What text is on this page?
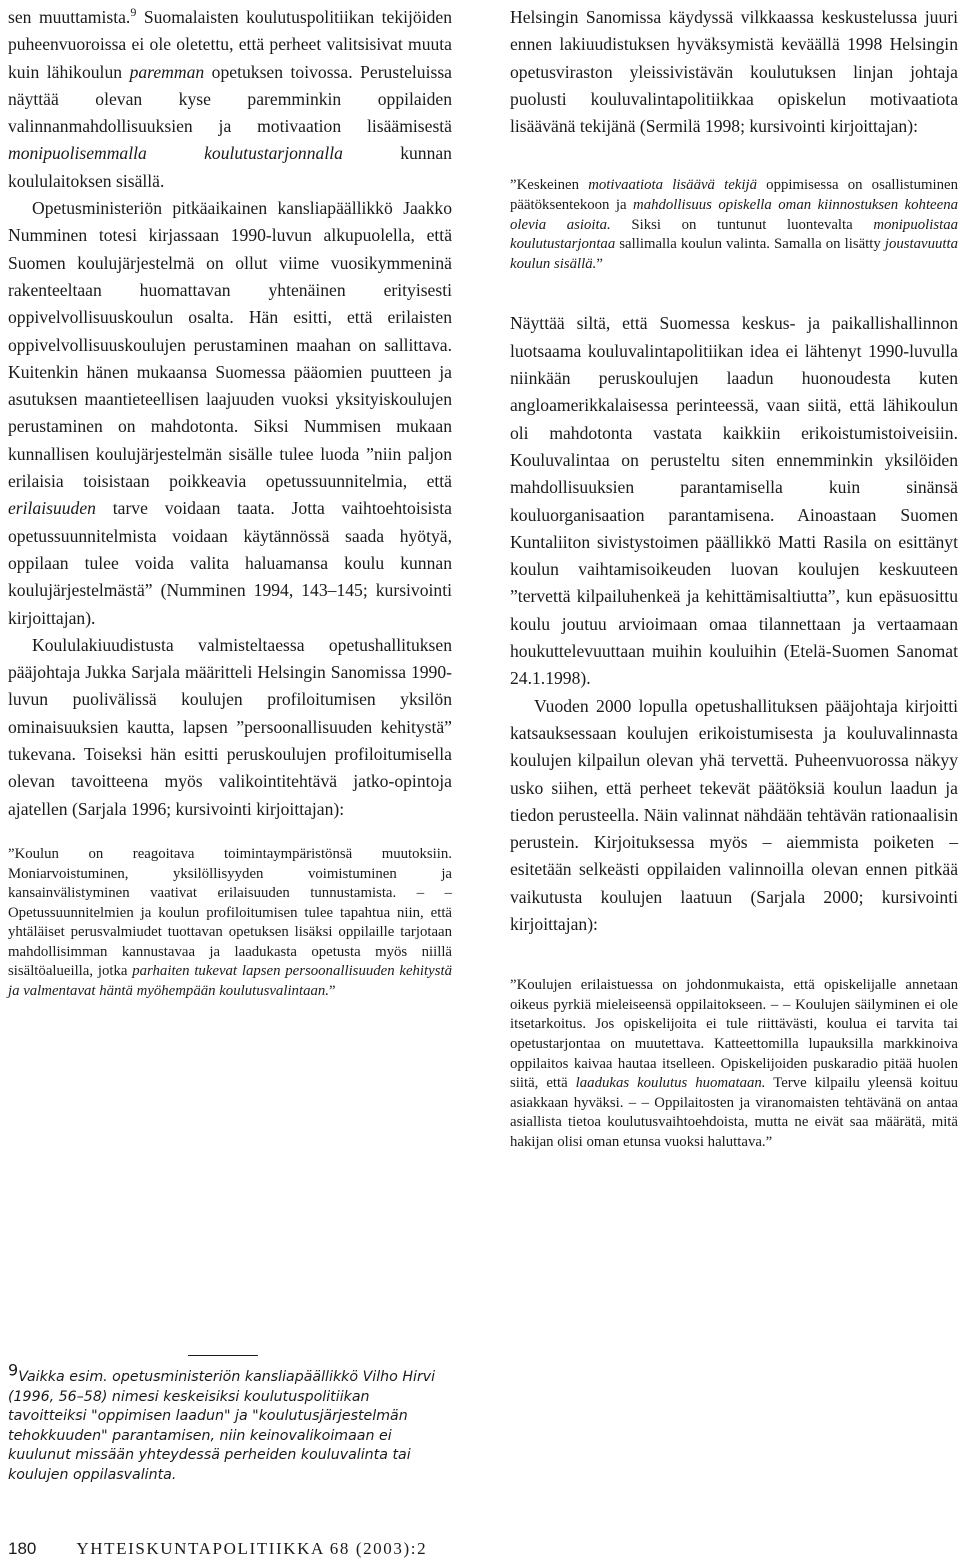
sen muuttamista.$^9$ Suomalaisten koulutuspolitiikan tekijöiden puheenvuoroissa ei ole oletettu, että perheet valitsisivat muuta kuin lähikoulun paremman opetuksen toivossa. Perusteluissa näyttää olevan kyse paremminkin oppilaiden valinnanmahdollisuuksien ja motivaation lisäämisestä monipuolisemmalla koulutustarjonnalla kunnan koululaitoksen sisällä.

Opetusministeriön pitkäaikainen kansliapäällikkö Jaakko Numminen totesi kirjassaan 1990-luvun alkupuolella, että Suomen koulujärjestelmä on ollut viime vuosikymmeninä rakenteeltaan huomattavan yhtenäinen erityisesti oppivelvollisuuskoulun osalta. Hän esitti, että erilaisten oppivelvollisuuskoulujen perustaminen maahan on sallittava. Kuitenkin hänen mukaansa Suomessa pääomien puutteen ja asutuksen maantieteellisen laajuuden vuoksi yksityiskoulujen perustaminen on mahdotonta. Siksi Nummisen mukaan kunnallisen koulujärjestelmän sisälle tulee luoda ”niin paljon erilaisia toisistaan poikkeavia opetussuunnitelmia, että erilaisuuden tarve voidaan taata. Jotta vaihtoehtoisista opetussuunnitelmista voidaan käytännössä saada hyötyä, oppilaan tulee voida valita haluamansa koulu kunnan koulujärjestelmästä” (Numminen 1994, 143–145; kursivointi kirjoittajan).

Koululakiuudistusta valmisteltaessa opetushallituksen pääjohtaja Jukka Sarjala määritteli Helsingin Sanomissa 1990-luvun puolivälissä koulujen profiloitumisen yksilön ominaisuuksien kautta, lapsen ”persoonallisuuden kehitystä” tukevana. Toiseksi hän esitti peruskoulujen profiloitumisella olevan tavoitteena myös valikointitehtävä jatko-opintoja ajatellen (Sarjala 1996; kursivointi kirjoittajan):

”Koulun on reagoitava toimintaympäristönsä muutoksiin. Moniarvoistuminen, yksilöllisyyden voimistuminen ja kansainvälistyminen vaativat erilaisuuden tunnustamista. – – Opetussuunnitelmien ja koulun profiloitumisen tulee tapahtua niin, että yhtäläiset perusvalmiudet tuottavan opetuksen lisäksi oppilaille tarjotaan mahdollisimman kannustavaa ja laadukasta opetusta myös niillä sisältöalueilla, jotka parhaiten tukevat lapsen persoonallisuuden kehitystä ja valmentavat häntä myöhempään koulutusvalintaan.”

9Vaikka esim. opetusministeriön kansliapäällikkö Vilho Hirvi (1996, 56–58) nimesi keskeisiksi koulutuspolitiikan tavoitteiksi "oppimisen laadun" ja "koulutusjärjestelmän tehokkuuden" parantamisen, niin keinovalikoimaan ei kuulunut missään yhteydessä perheiden kouluvalinta tai koulujen oppilasvalinta.

Helsingin Sanomissa käydyssä vilkkaassa keskustelussa juuri ennen lakiuudistuksen hyväksymistä keväällä 1998 Helsingin opetusviraston yleissivistävän koulutuksen linjan johtaja puolusti kouluvalintapolitiikkaa opiskelun motivaatiota lisäävänä tekijänä (Sermilä 1998; kursivointi kirjoittajan):

”Keskeinen motivaatiota lisäävä tekijä oppimisessa on osallistuminen päätöksentekoon ja mahdollisuus opiskella oman kiinnostuksen kohteena olevia asioita. Siksi on tuntunut luontevalta monipuolistaa koulutustarjontaa sallimalla koulun valinta. Samalla on lisätty joustavuutta koulun sisällä.”

Näyttää siltä, että Suomessa keskus- ja paikallishallinnon luotsaama kouluvalintapolitiikan idea ei lähtenyt 1990-luvulla niinkään peruskoulujen laadun huonoudesta kuten angloamerikkalaisessa perinteessä, vaan siitä, että lähikoulun oli mahdotonta vastata kaikkiin erikoistumistoiveisiin. Kouluvalintaa on perusteltu siten ennemminkin yksilöiden mahdollisuuksien parantamisella kuin sinänsä kouluorganisaation parantamisena. Ainoastaan Suomen Kuntaliiton sivistystoimen päällikkö Matti Rasila on esittänyt koulun vaihtamisoikeuden luovan koulujen keskuuteen ”tervettä kilpailuhenkeä ja kehittämisaltiutta”, kun epäsuosittu koulu joutuu arvioimaan omaa tilannettaan ja vertaamaan houkuttelevuuttaan muihin kouluihin (Etelä-Suomen Sanomat 24.1.1998).

Vuoden 2000 lopulla opetushallituksen pääjohtaja kirjoitti katsauksessaan koulujen erikoistumisesta ja kouluvalinnasta koulujen kilpailun olevan yhä tervettä. Puheenvuorossa näkyy usko siihen, että perheet tekevät päätöksiä koulun laadun ja tiedon perusteella. Näin valinnat nähdään tehtävän rationaalisin perustein. Kirjoituksessa myös – aiemmista poiketen – esitetään selkeästi oppilaiden valinnoilla olevan ennen pitkää vaikutusta koulujen laatuun (Sarjala 2000; kursivointi kirjoittajan):

”Koulujen erilaistuessa on johdonmukaista, että opiskelijalle annetaan oikeus pyrkiä mieleiseensä oppilaitokseen. – – Koulujen säilyminen ei ole itsetarkoitus. Jos opiskelijoita ei tule riittävästi, koulua ei tarvita tai opetustarjontaa on muutettava. Katteettomilla lupauksilla markkinoiva oppilaitos kaivaa hautaa itselleen. Opiskelijoiden puskaradio pitää huolen siitä, että laadukas koulutus huomataan. Terve kilpailu yleensä koituu asiakkaan hyväksi. – – Oppilaitosten ja viranomaisten tehtävänä on antaa asiallista tietoa koulutusvaihtoehdoista, mutta ne eivät saa määrätä, mitä hakijan olisi oman etunsa vuoksi haluttava.”

180 YHTEISKUNTAPOLITIIKKA 68 (2003):2
